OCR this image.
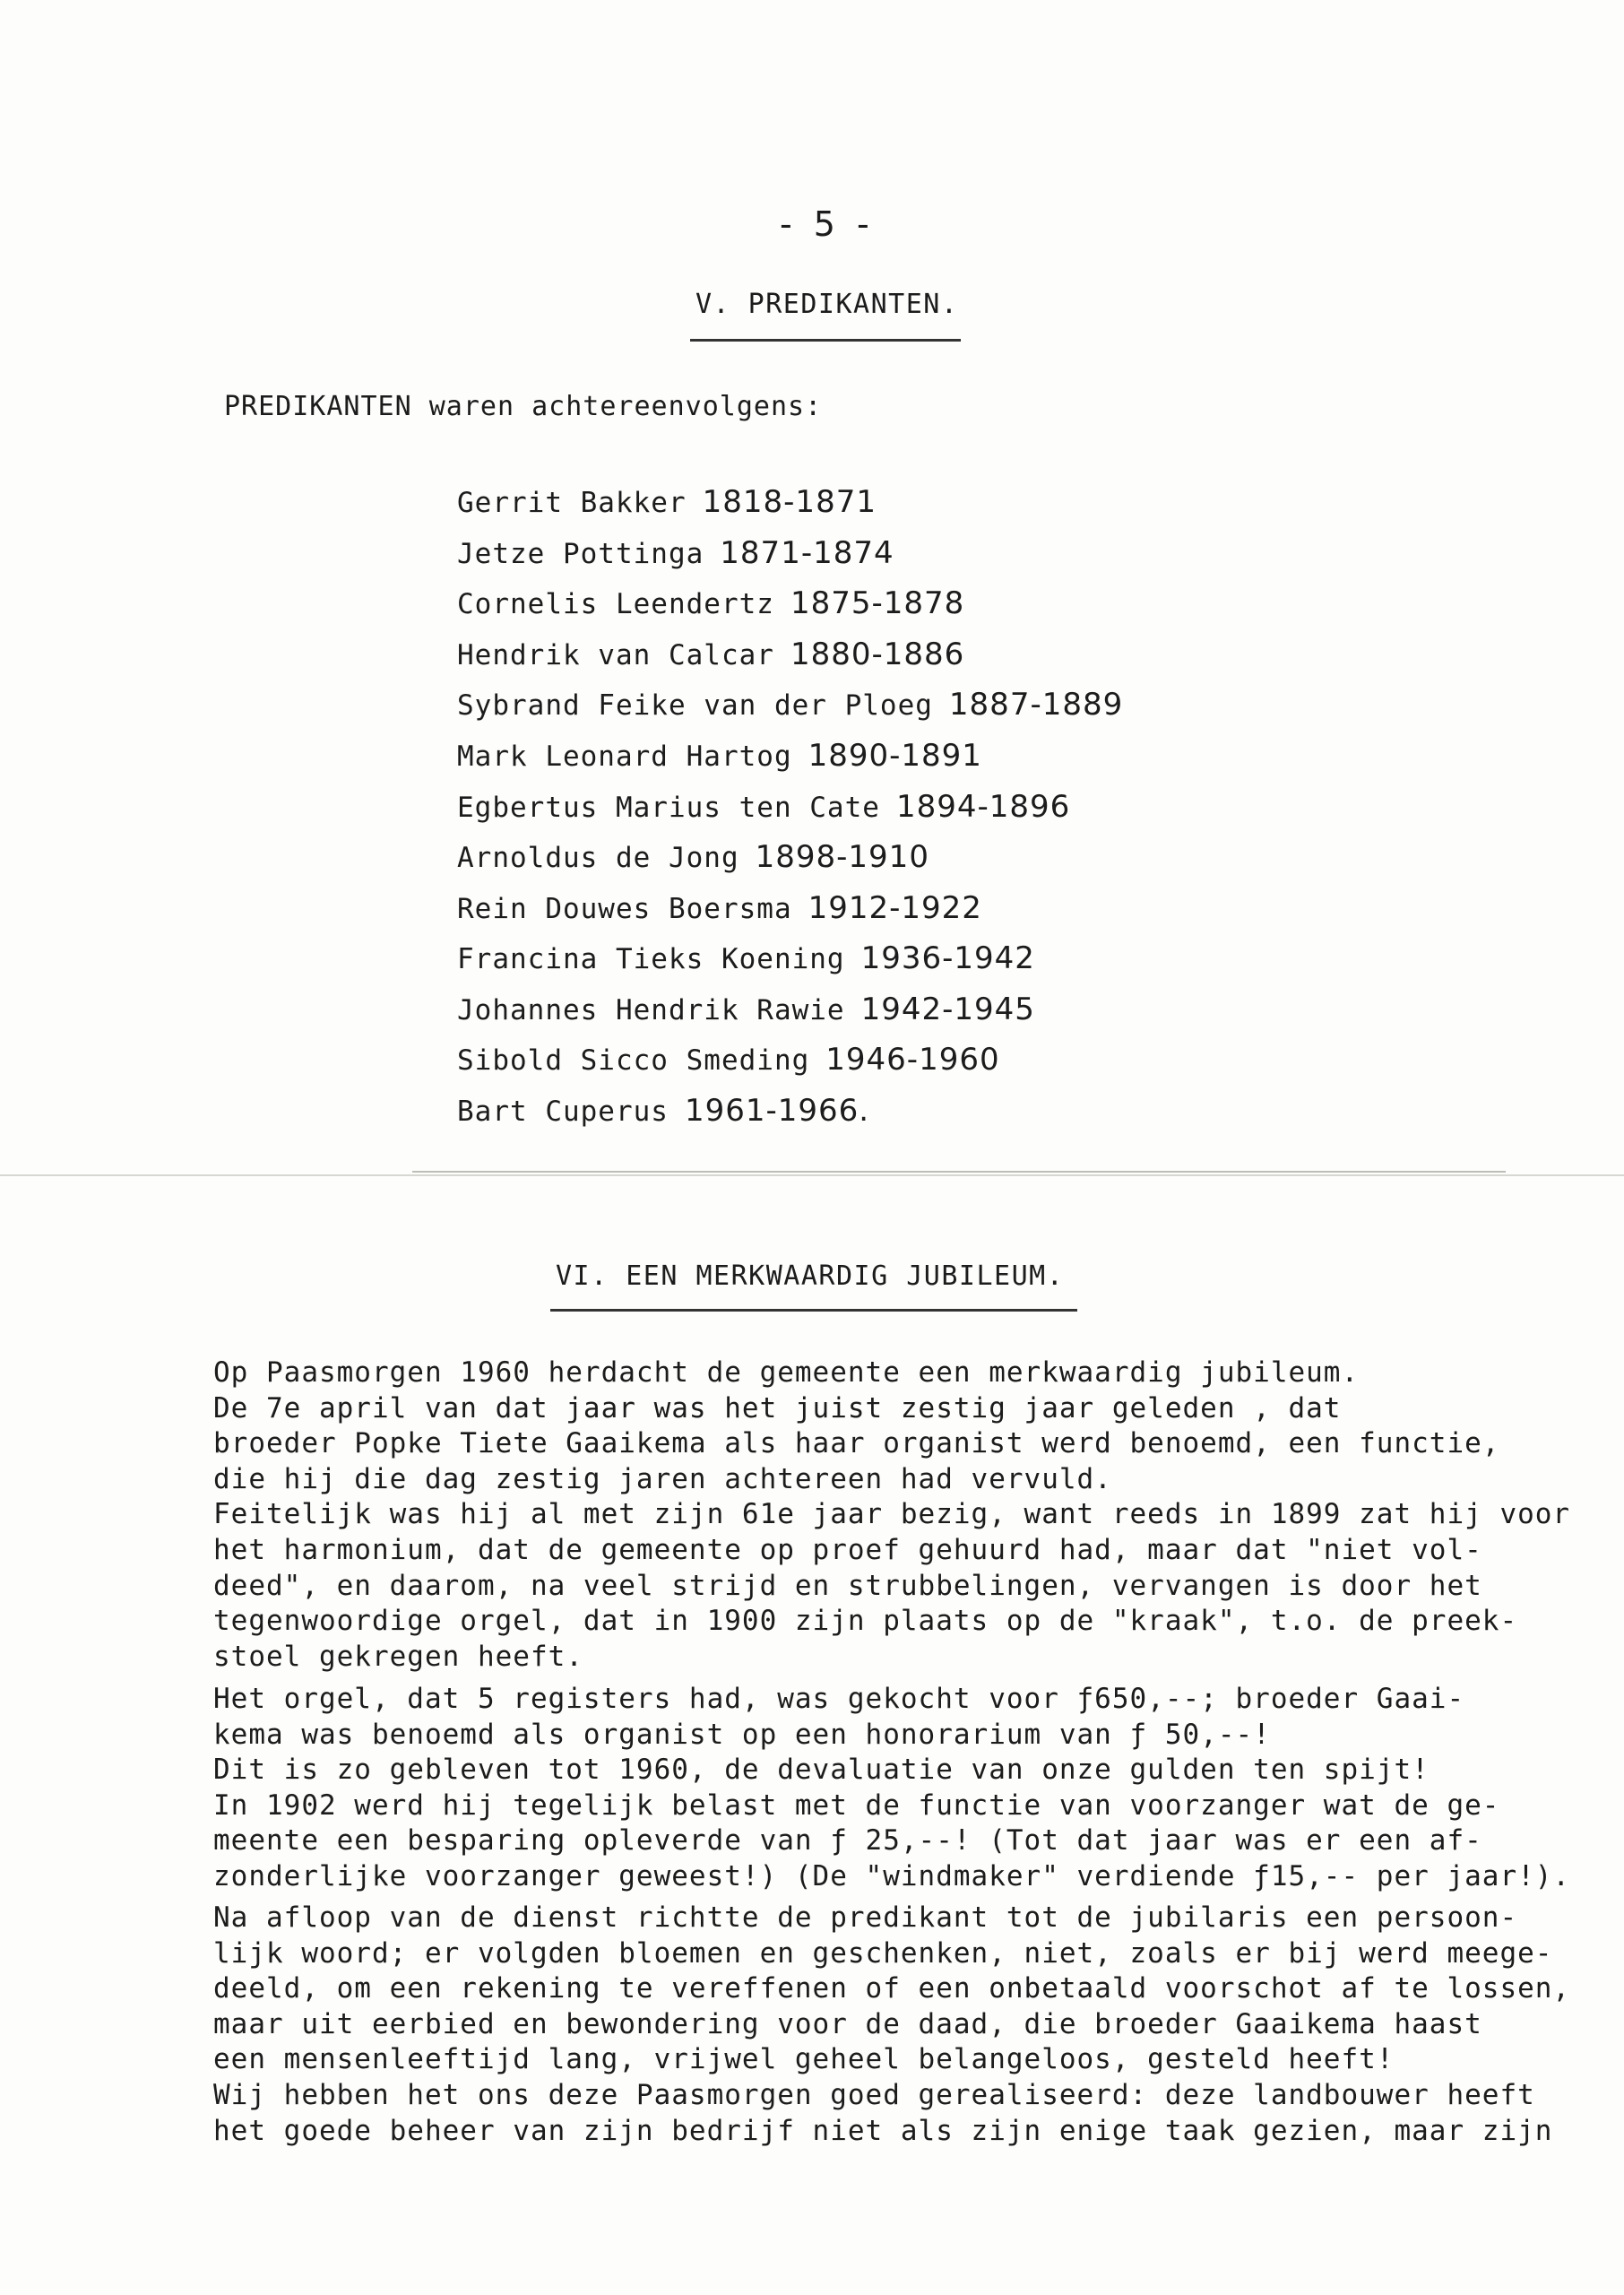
- 5 -
V. PREDIKANTEN.
PREDIKANTEN waren achtereenvolgens:
Gerrit Bakker 1818-1871
Jetze Pottinga 1871-1874
Cornelis Leendertz 1875-1878
Hendrik van Calcar 1880-1886
Sybrand Feike van der Ploeg 1887-1889
Mark Leonard Hartog 1890-1891
Egbertus Marius ten Cate 1894-1896
Arnoldus de Jong 1898-1910
Rein Douwes Boersma 1912-1922
Francina Tieks Koening 1936-1942
Johannes Hendrik Rawie 1942-1945
Sibold Sicco Smeding 1946-1960
Bart Cuperus 1961-1966.
VI. EEN MERKWAARDIG JUBILEUM.
Op Paasmorgen 1960 herdacht de gemeente een merkwaardig jubileum.
De 7e april van dat jaar was het juist zestig jaar geleden , dat
broeder Popke Tiete Gaaikema als haar organist werd benoemd, een functie,
die hij die dag zestig jaren achtereen had vervuld.
Feitelijk was hij al met zijn 61e jaar bezig, want reeds in 1899 zat hij voor
het harmonium, dat de gemeente op proef gehuurd had, maar dat "niet vol-
deed", en daarom, na veel strijd en strubbelingen, vervangen is door het
tegenwoordige orgel, dat in 1900 zijn plaats op de "kraak", t.o. de preek-
stoel gekregen heeft.
Het orgel, dat 5 registers had, was gekocht voor ƒ650,--; broeder Gaai-
kema was benoemd als organist op een honorarium van ƒ 50,--!
Dit is zo gebleven tot 1960, de devaluatie van onze gulden ten spijt!
In 1902 werd hij tegelijk belast met de functie van voorzanger wat de ge-
meente een besparing opleverde van ƒ 25,--! (Tot dat jaar was er een af-
zonderlijke voorzanger geweest!) (De "windmaker" verdiende ƒ15,-- per jaar!).
Na afloop van de dienst richtte de predikant tot de jubilaris een persoon-
lijk woord; er volgden bloemen en geschenken, niet, zoals er bij werd meege-
deeld, om een rekening te vereffenen of een onbetaald voorschot af te lossen,
maar uit eerbied en bewondering voor de daad, die broeder Gaaikema haast
een mensenleeftijd lang, vrijwel geheel belangeloos, gesteld heeft!
Wij hebben het ons deze Paasmorgen goed gerealiseerd: deze landbouwer heeft
het goede beheer van zijn bedrijf niet als zijn enige taak gezien, maar zijn
